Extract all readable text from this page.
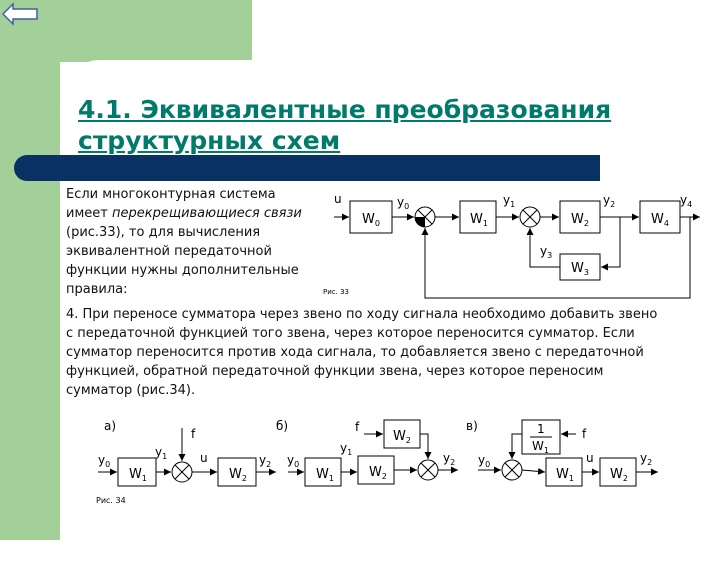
4.1. Эквивалентные преобразования структурных схем

Если многоконтурная система имеет перекрещивающиеся связи (рис.33), то для вычисления эквивалентной передаточной функции нужны дополнительные правила:

4. При переносе сумматора через звено по ходу сигнала необходимо добавить звено с передаточной функцией того звена, через которое переносится сумматор. Если сумматор переносится против хода сигнала, то добавляется звено с передаточной функцией, обратной передаточной функции звена, через которое переносим сумматор (рис.34).

u
$W_0$	$W_1$	$W_2$
$W_3$
$W_4$
$y_0$	$y_1$	$y_2$
$y_3$
$y_4$
Рис. 33
а)
f
u
$y_0$
$y_1$	$y_2$
$W_1$	$W_2$
Рис. 34
б)	f
$y_0$
$y_1$	$y_2$
$W_1$	$W_2$
$W_2$
в)
f
u
$y_0$	$y_2$
1
$W_1$
$W_1$	$W_2$
